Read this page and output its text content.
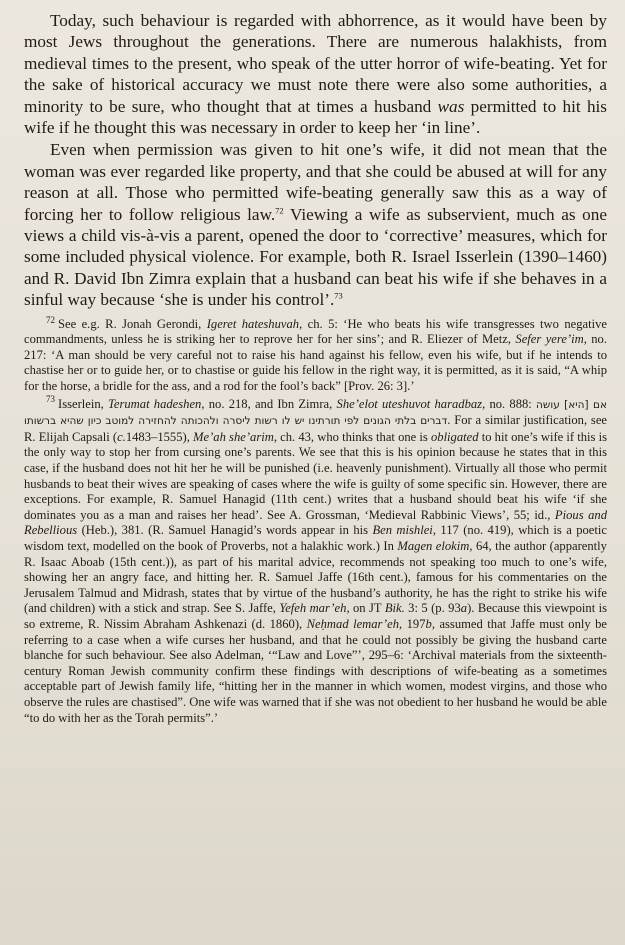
Today, such behaviour is regarded with abhorrence, as it would have been by most Jews throughout the generations. There are numerous halakhists, from medieval times to the present, who speak of the utter horror of wife-beating. Yet for the sake of historical accuracy we must note there were also some authorities, a minority to be sure, who thought that at times a husband was permitted to hit his wife if he thought this was necessary in order to keep her ‘in line’.

Even when permission was given to hit one’s wife, it did not mean that the woman was ever regarded like property, and that she could be abused at will for any reason at all. Those who permitted wife-beating generally saw this as a way of forcing her to follow religious law.$^{72}$ Viewing a wife as subservient, much as one views a child vis-à-vis a parent, opened the door to ‘corrective’ measures, which for some included physical violence. For example, both R. Israel Isserlein (1390–1460) and R. David Ibn Zimra explain that a husband can beat his wife if she behaves in a sinful way because ‘she is under his control’.$^{73}$

$^{72}$ See e.g. R. Jonah Gerondi, Igeret hateshuvah, ch. 5: ‘He who beats his wife transgresses two negative commandments, unless he is striking her to reprove her for her sins’; and R. Eliezer of Metz, Sefer yere’im, no. 217: ‘A man should be very careful not to raise his hand against his fellow, even his wife, but if he intends to chastise her or to guide her, or to chastise or guide his fellow in the right way, it is permitted, as it is said, “A whip for the horse, a bridle for the ass, and a rod for the fool’s back” [Prov. 26: 3].’

$^{73}$ Isserlein, Terumat hadeshen, no. 218, and Ibn Zimra, She’elot uteshuvot haradbaz, no. 888: אם [היא] עושה דברים בלתי הגונים לפי תורתינו יש לו רשות ליסרה ולהכותה להחזירה למוטב כיון שהיא ברשותו. For a similar justification, see R. Elijah Capsali (c.1483–1555), Me’ah she’arim, ch. 43, who thinks that one is obligated to hit one’s wife if this is the only way to stop her from cursing one’s parents. We see that this is his opinion because he states that in this case, if the husband does not hit her he will be punished (i.e. heavenly punishment). Virtually all those who permit husbands to beat their wives are speaking of cases where the wife is guilty of some specific sin. However, there are exceptions. For example, R. Samuel Hanagid (11th cent.) writes that a husband should beat his wife ‘if she dominates you as a man and raises her head’. See A. Grossman, ‘Medieval Rabbinic Views’, 55; id., Pious and Rebellious (Heb.), 381. (R. Samuel Hanagid’s words appear in his Ben mishlei, 117 (no. 419), which is a poetic wisdom text, modelled on the book of Proverbs, not a halakhic work.) In Magen elokim, 64, the author (apparently R. Isaac Aboab (15th cent.)), as part of his marital advice, recommends not speaking too much to one’s wife, showing her an angry face, and hitting her. R. Samuel Jaffe (16th cent.), famous for his commentaries on the Jerusalem Talmud and Midrash, states that by virtue of the husband’s authority, he has the right to strike his wife (and children) with a stick and strap. See S. Jaffe, Yefeh mar’eh, on JT Bik. 3: 5 (p. 93a). Because this viewpoint is so extreme, R. Nissim Abraham Ashkenazi (d. 1860), Neḥmad lemar’eh, 197b, assumed that Jaffe must only be referring to a case when a wife curses her husband, and that he could not possibly be giving the husband carte blanche for such behaviour. See also Adelman, ‘“Law and Love”’, 295–6: ‘Archival materials from the sixteenth-century Roman Jewish community confirm these findings with descriptions of wife-beating as a sometimes acceptable part of Jewish family life, “hitting her in the manner in which women, modest virgins, and those who observe the rules are chastised”. One wife was warned that if she was not obedient to her husband he would be able “to do with her as the Torah permits”.’
